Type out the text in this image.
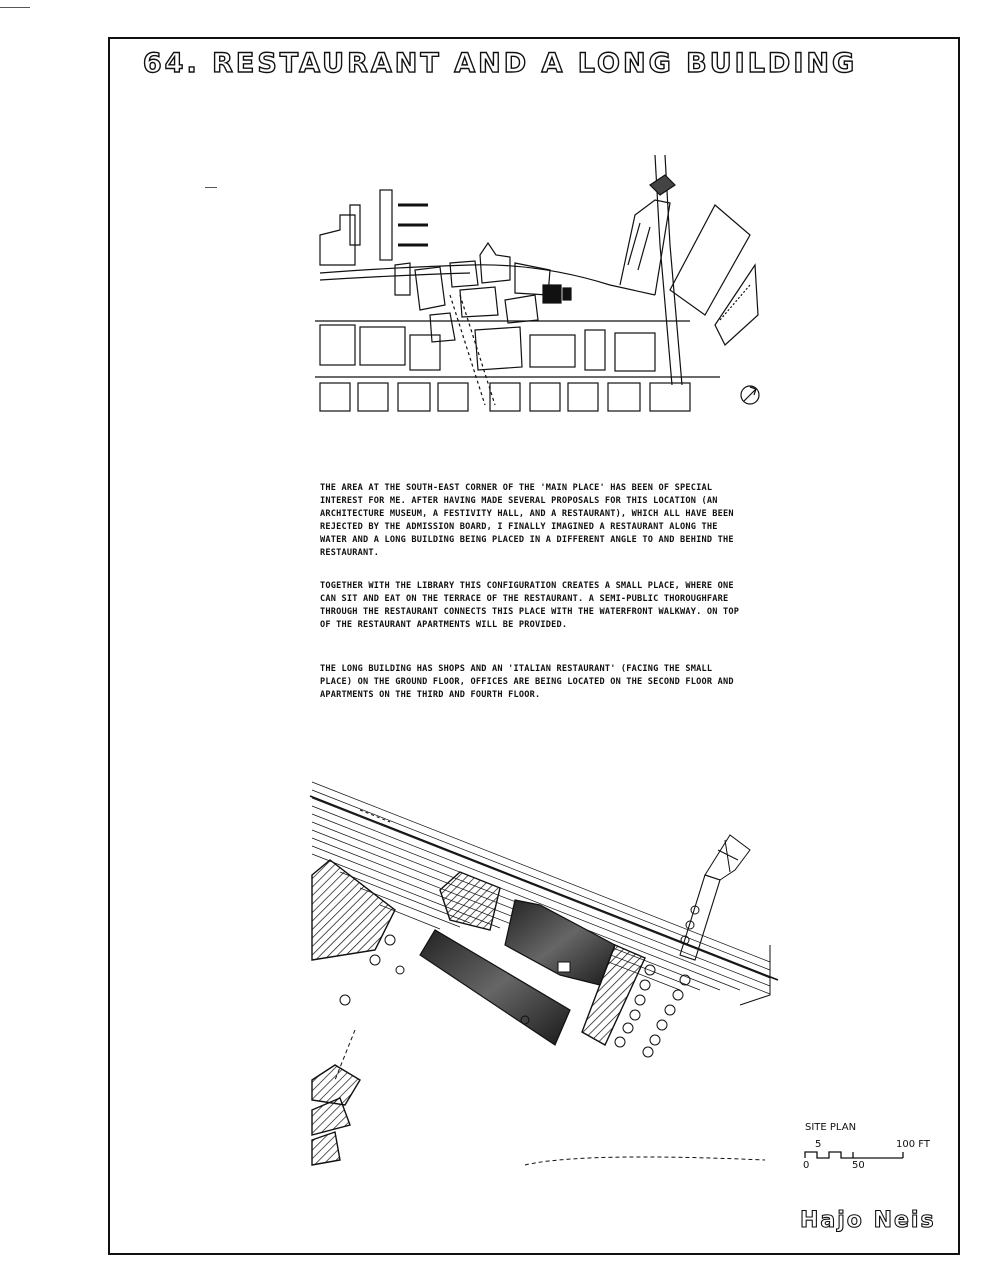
64. RESTAURANT AND A LONG BUILDING

THE AREA AT THE SOUTH-EAST CORNER OF THE 'MAIN PLACE' HAS BEEN OF SPECIAL INTEREST FOR ME. AFTER HAVING MADE SEVERAL PROPOSALS FOR THIS LOCATION (AN ARCHITECTURE MUSEUM, A FESTIVITY HALL, AND A RESTAURANT), WHICH ALL HAVE BEEN REJECTED BY THE ADMISSION BOARD, I FINALLY IMAGINED A RESTAURANT ALONG THE WATER AND A LONG BUILDING BEING PLACED IN A DIFFERENT ANGLE TO AND BEHIND THE RESTAURANT.

TOGETHER WITH THE LIBRARY THIS CONFIGURATION CREATES A SMALL PLACE, WHERE ONE CAN SIT AND EAT ON THE TERRACE OF THE RESTAURANT. A SEMI-PUBLIC THOROUGHFARE THROUGH THE RESTAURANT CONNECTS THIS PLACE WITH THE WATERFRONT WALKWAY. ON TOP OF THE RESTAURANT APARTMENTS WILL BE PROVIDED.

THE LONG BUILDING HAS SHOPS AND AN 'ITALIAN RESTAURANT' (FACING THE SMALL PLACE) ON THE GROUND FLOOR, OFFICES ARE BEING LOCATED ON THE SECOND FLOOR AND APARTMENTS ON THE THIRD AND FOURTH FLOOR.

SITE PLAN
5	100 FT
0	50
Hajo Neis
